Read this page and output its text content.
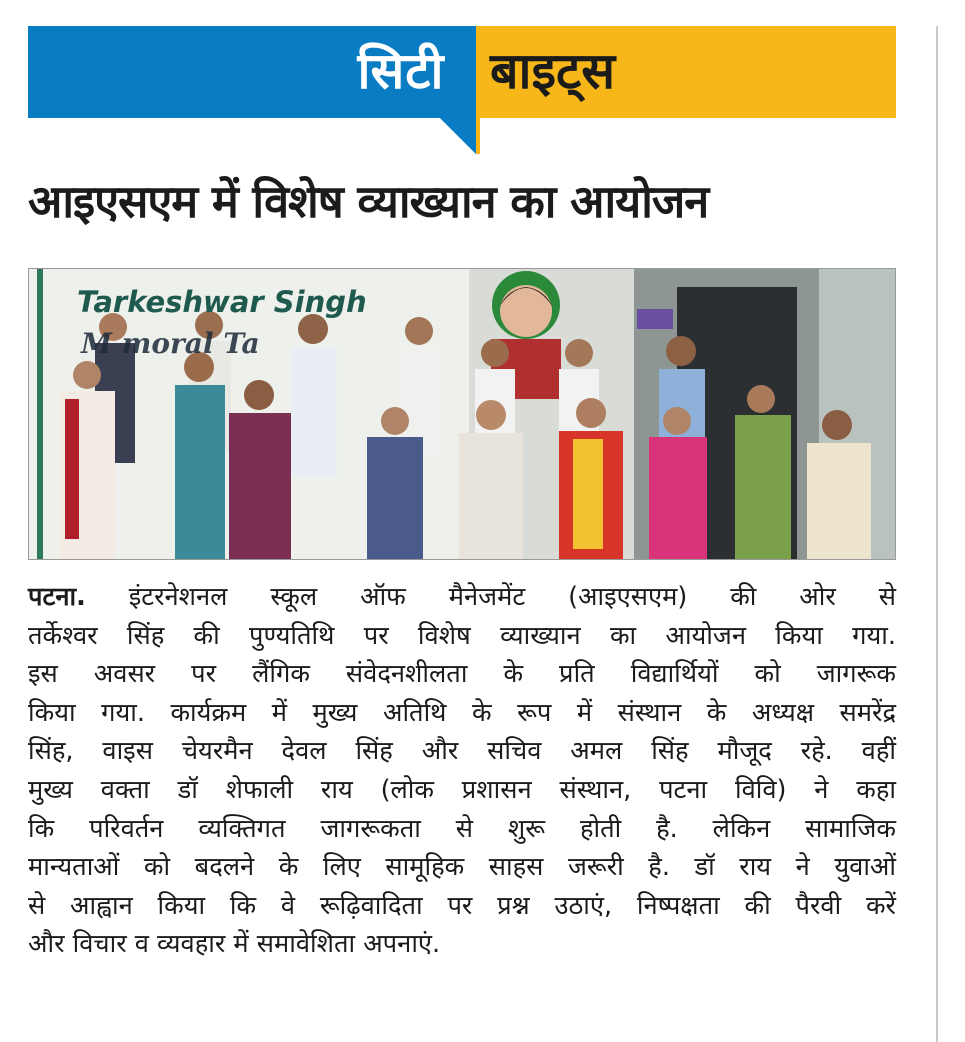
सिटी बाइट्स
आइएसएम में विशेष व्याख्यान का आयोजन
Tarkeshwar Singh
M moral Ta
पटना. इंटरनेशनल स्कूल ऑफ मैनेजमेंट (आइएसएम) की ओर से
तर्केश्वर सिंह की पुण्यतिथि पर विशेष व्याख्यान का आयोजन किया गया.
इस अवसर पर लैंगिक संवेदनशीलता के प्रति विद्यार्थियों को जागरूक
किया गया. कार्यक्रम में मुख्य अतिथि के रूप में संस्थान के अध्यक्ष समरेंद्र
सिंह, वाइस चेयरमैन देवल सिंह और सचिव अमल सिंह मौजूद रहे. वहीं
मुख्य वक्ता डॉ शेफाली राय (लोक प्रशासन संस्थान, पटना विवि) ने कहा
कि परिवर्तन व्यक्तिगत जागरूकता से शुरू होती है. लेकिन सामाजिक
मान्यताओं को बदलने के लिए सामूहिक साहस जरूरी है. डॉ राय ने युवाओं
से आह्वान किया कि वे रूढ़िवादिता पर प्रश्न उठाएं, निष्पक्षता की पैरवी करें
और विचार व व्यवहार में समावेशिता अपनाएं.
